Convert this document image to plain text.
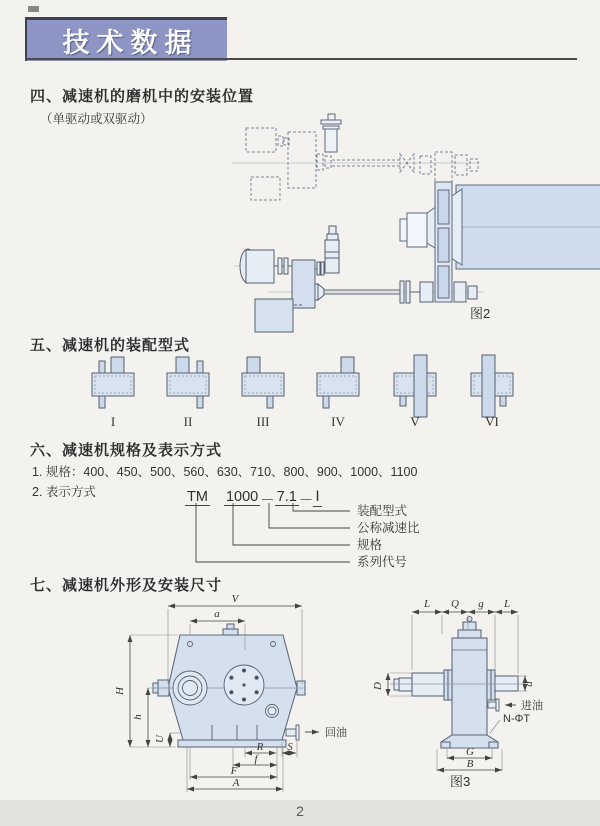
技术数据
四、减速机的磨机中的安装位置
（单驱动或双驱动）
图2
五、减速机的装配型式
I	II	III	IV	V	VI
六、减速机规格及表示方式
1. 规格：400、450、500、560、630、710、800、900、1000、1100
2. 表示方式	TM 1000 － 7.1 － Ⅰ
装配型式
公称减速比
规格
系列代号
七、减速机外形及安装尺寸
回油
V
a
H
h
U
R S
f
F
A
进油
N-ΦT
L Q g L
D	d
G
B
图3
2
